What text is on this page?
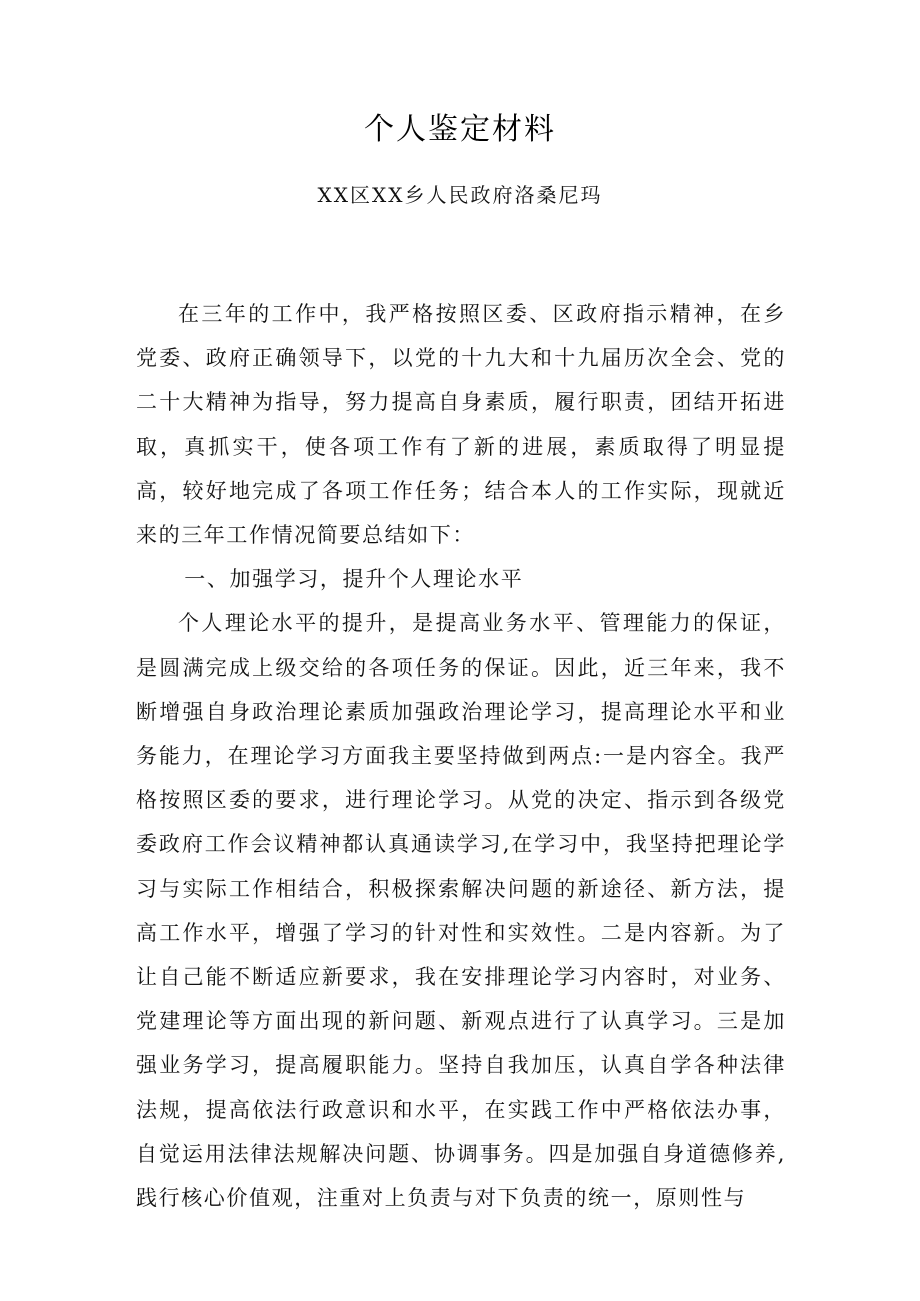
个人鉴定材料
XX区XX乡人民政府洛桑尼玛

在三年的工作中，我严格按照区委、区政府指示精神，在乡党委、政府正确领导下，以党的十九大和十九届历次全会、党的二十大精神为指导，努力提高自身素质，履行职责，团结开拓进取，真抓实干，使各项工作有了新的进展，素质取得了明显提高，较好地完成了各项工作任务；结合本人的工作实际，现就近来的三年工作情况简要总结如下：

一、加强学习，提升个人理论水平

个人理论水平的提升，是提高业务水平、管理能力的保证，是圆满完成上级交给的各项任务的保证。因此，近三年来，我不断增强自身政治理论素质加强政治理论学习，提高理论水平和业务能力，在理论学习方面我主要坚持做到两点:一是内容全。我严格按照区委的要求，进行理论学习。从党的决定、指示到各级党委政府工作会议精神都认真通读学习,在学习中，我坚持把理论学习与实际工作相结合，积极探索解决问题的新途径、新方法，提高工作水平，增强了学习的针对性和实效性。二是内容新。为了让自己能不断适应新要求，我在安排理论学习内容时，对业务、党建理论等方面出现的新问题、新观点进行了认真学习。三是加强业务学习，提高履职能力。坚持自我加压，认真自学各种法律法规，提高依法行政意识和水平，在实践工作中严格依法办事，自觉运用法律法规解决问题、协调事务。四是加强自身道德修养,践行核心价值观，注重对上负责与对下负责的统一，原则性与
